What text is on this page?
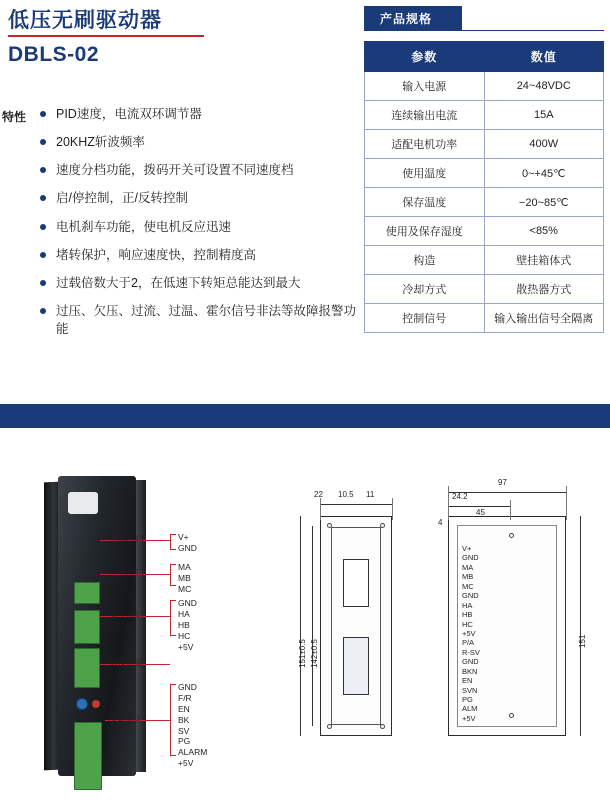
低压无刷驱动器
DBLS-02
特性	PID速度，电流双环调节器
20KHZ斩波频率
速度分档功能，拨码开关可设置不同速度档
启/停控制，正/反转控制
电机刹车功能，使电机反应迅速
堵转保护，响应速度快，控制精度高
过载倍数大于2，在低速下转矩总能达到最大
过压、欠压、过流、过温、霍尔信号非法等故障报警功能
产品规格
参数	数值
输入电源	24~48VDC
连续输出电流	15A
适配电机功率	400W
使用温度	0~+45℃
保存温度	−20~85℃
使用及保存湿度	<85%
构造	壁挂箱体式
冷却方式	散热器方式
控制信号	输入输出信号全隔离
电源端口
电机端口
霍尔端口
速度增益
I/O端口
V+
GND
MA
MB
MC
GND
HA
HB
HC
+5V
GND
F/R
EN
BK
SV
PG
ALARM
+5V
22 10.5 11
97
24.2
45
4
151±0.5 142±0.5	151
V+
GND
MA
MB
MC
GND
HA
HB
HC
+5V
P/A
R-SV
GND
BKN
EN
SVN
PG
ALM
+5V
